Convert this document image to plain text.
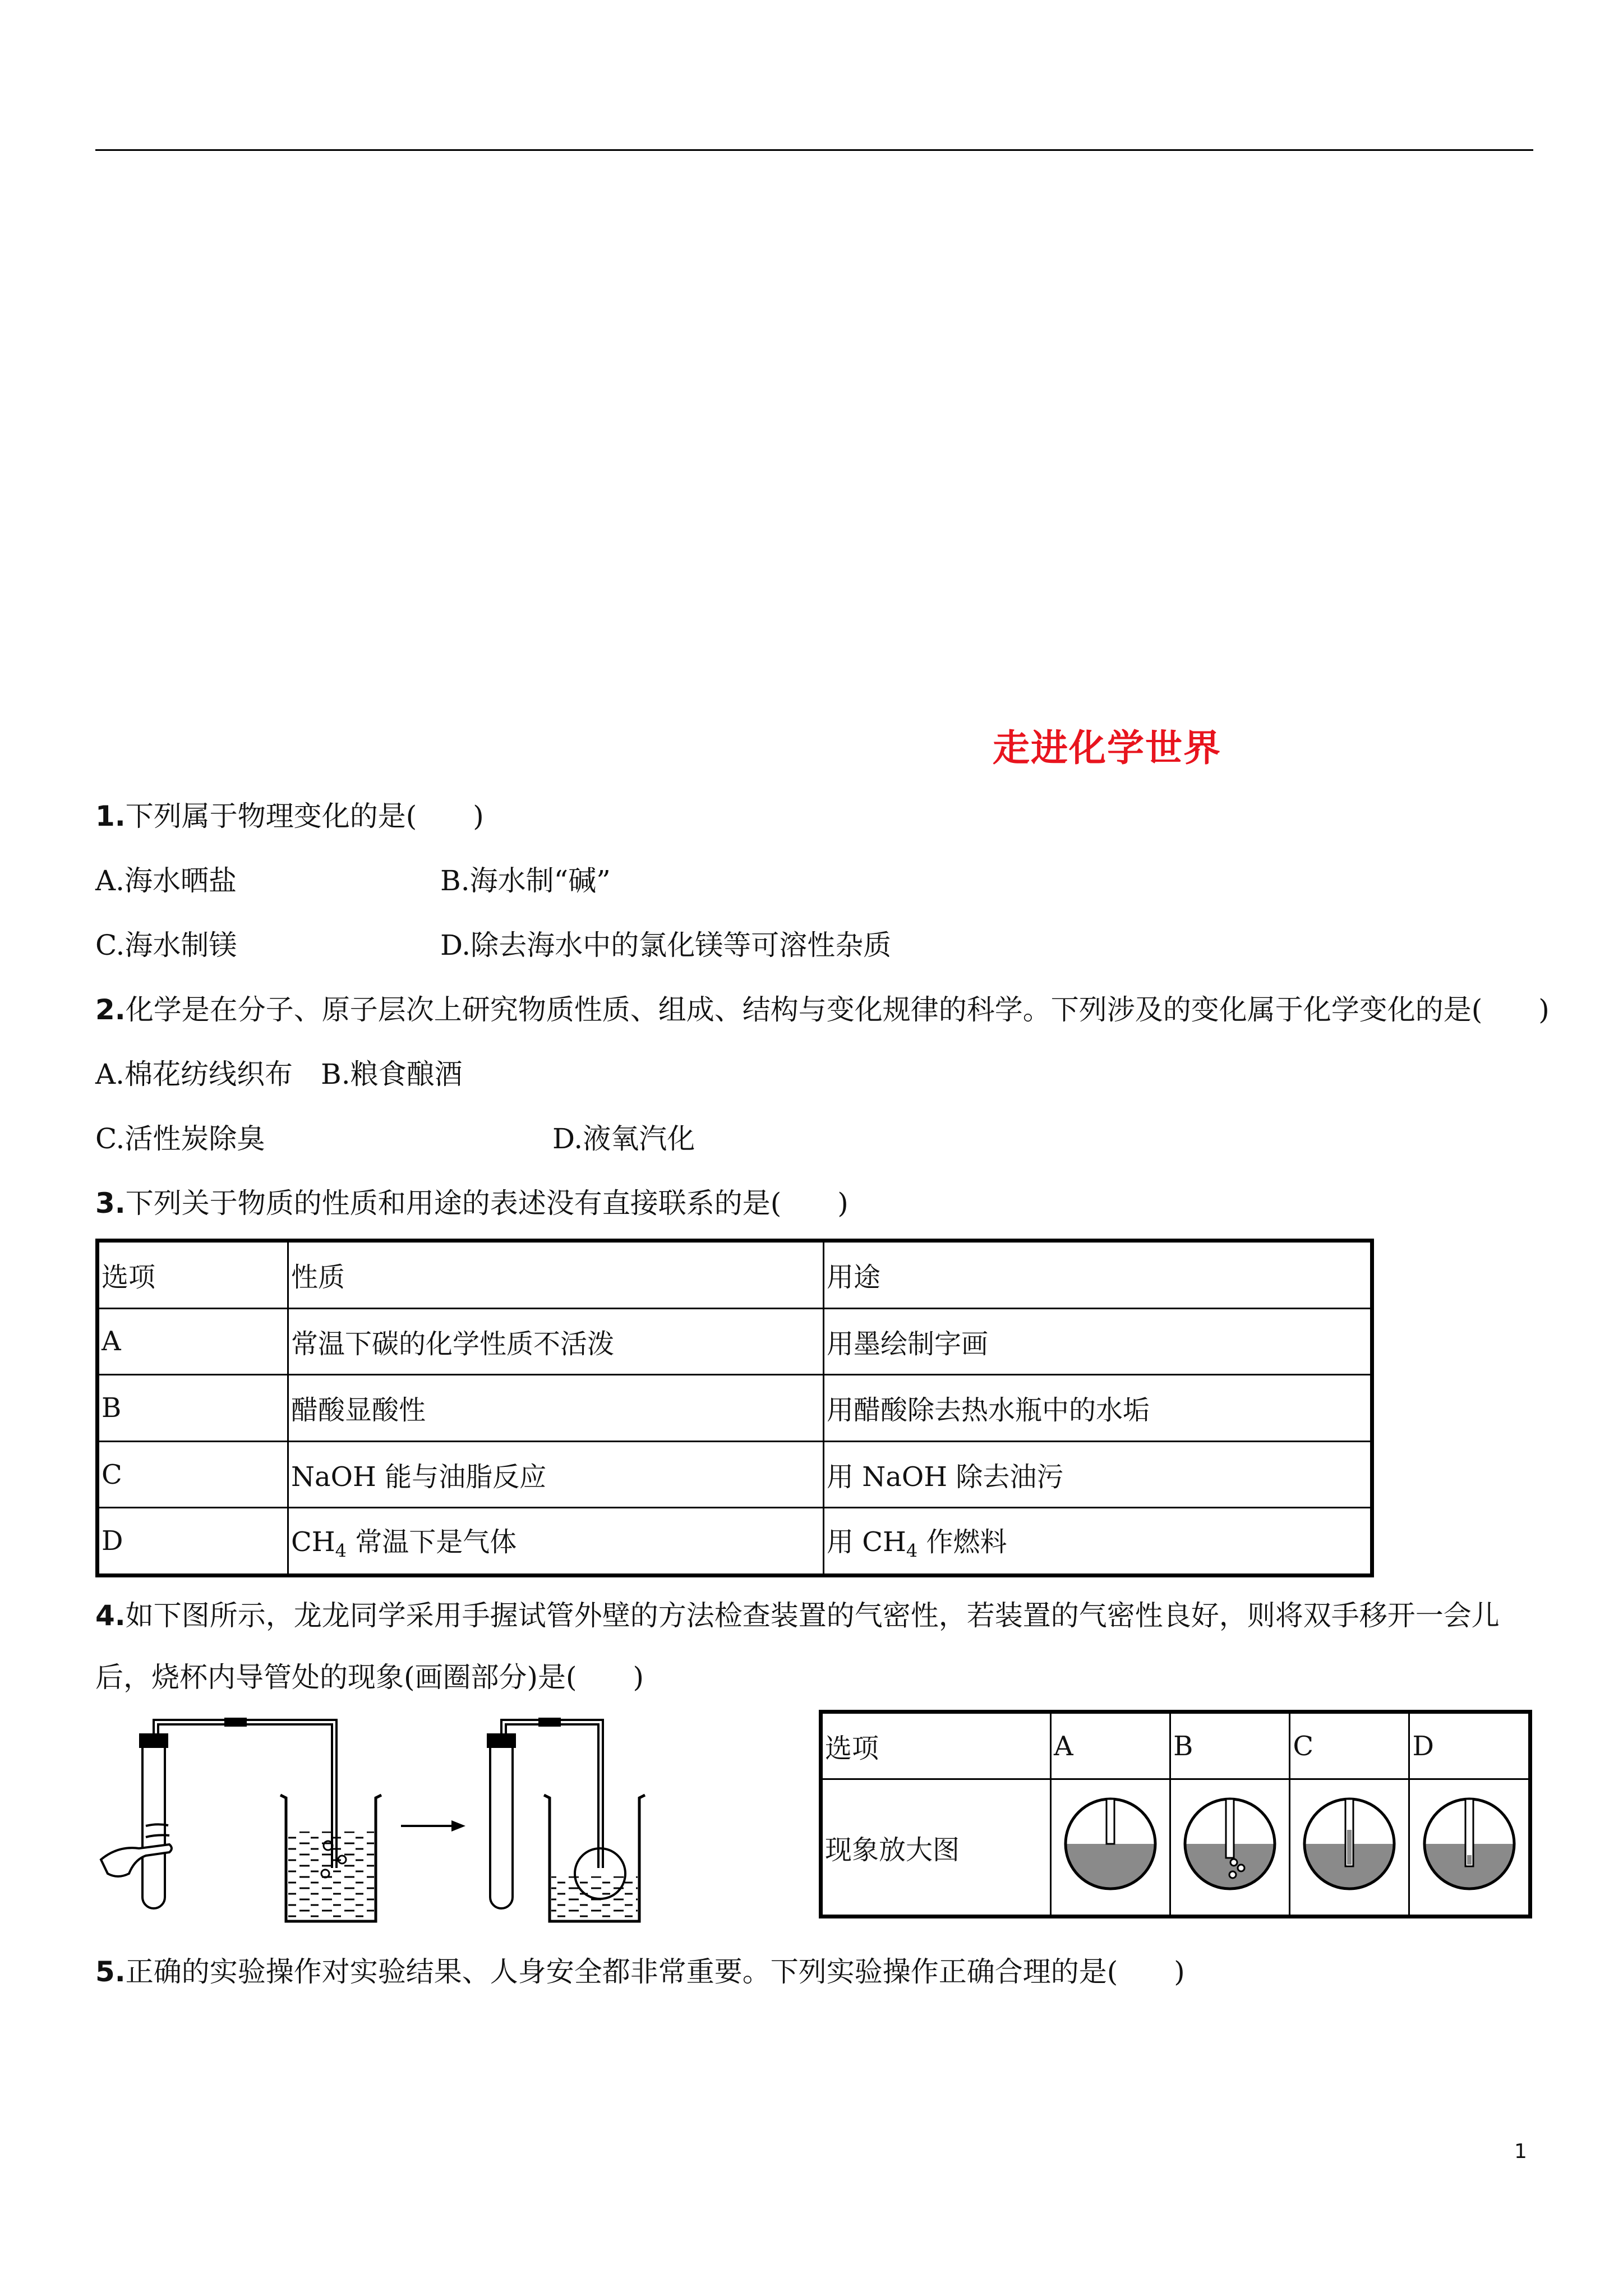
走进化学世界
1.下列属于物理变化的是(　　)
A.海水晒盐	B.海水制“碱”
C.海水制镁	D.除去海水中的氯化镁等可溶性杂质
2.化学是在分子、原子层次上研究物质性质、组成、结构与变化规律的科学。下列涉及的变化属于化学变化的是(　　)
A.棉花纺线织布　B.粮食酿酒
C.活性炭除臭	D.液氧汽化
3.下列关于物质的性质和用途的表述没有直接联系的是(　　)
选项	性质	用途
A	常温下碳的化学性质不活泼	用墨绘制字画
B	醋酸显酸性	用醋酸除去热水瓶中的水垢
C	NaOH 能与油脂反应	用 NaOH 除去油污
D	$CH_4$ 常温下是气体	用 $CH_4$ 作燃料
4.如下图所示，龙龙同学采用手握试管外壁的方法检查装置的气密性，若装置的气密性良好，则将双手移开一会儿
后，烧杯内导管处的现象(画圈部分)是(　　)
选项	A	B	C	D
现象放大图				
5.正确的实验操作对实验结果、人身安全都非常重要。下列实验操作正确合理的是(　　)
1
